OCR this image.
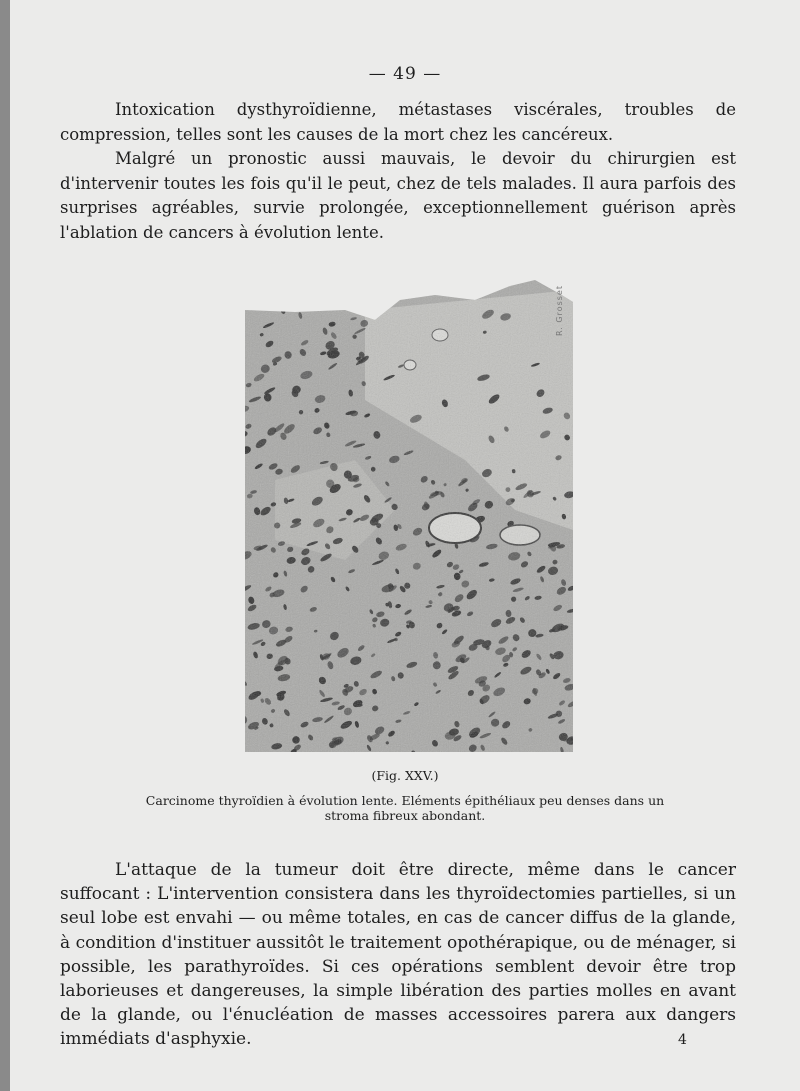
— 49 —

Intoxication dysthyroïdienne, métastases viscérales, troubles de compression, telles sont les causes de la mort chez les cancéreux.

Malgré un pronostic aussi mauvais, le devoir du chirurgien est d'intervenir toutes les fois qu'il le peut, chez de tels malades. Il aura parfois des surprises agréables, survie prolongée, exceptionnellement guérison après l'ablation de cancers à évolution lente.

R. Grosset
(Fig. XXV.)
Carcinome thyroïdien à évolution lente. Eléments épithéliaux peu denses dans un stroma fibreux abondant.

L'attaque de la tumeur doit être directe, même dans le cancer suffocant : L'intervention consistera dans les thyroïdectomies partielles, si un seul lobe est envahi — ou même totales, en cas de cancer diffus de la glande, à condition d'instituer aussitôt le traitement opothérapique, ou de ménager, si possible, les parathyroïdes. Si ces opérations semblent devoir être trop laborieuses et dangereuses, la simple libération des parties molles en avant de la glande, ou l'énucléation de masses accessoires parera aux dangers immédiats d'asphyxie.	4
